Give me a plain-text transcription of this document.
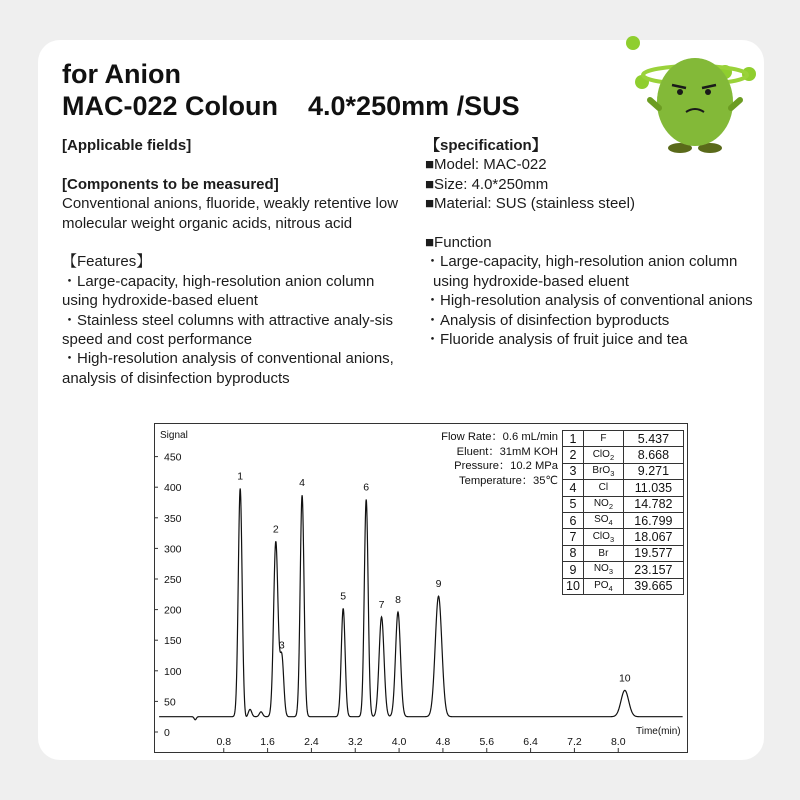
for Anion
MAC-022 Coloun    4.0*250mm /SUS

[Applicable fields]

[Components to be measured]

Conventional anions, fluoride, weakly retentive low molecular weight organic acids, nitrous acid

【Features】

・Large-capacity, high-resolution anion column using hydroxide-based eluent

・Stainless steel columns with attractive analy-sis speed and cost performance

・High-resolution analysis of conventional anions, analysis of disinfection byproducts

【specification】

■Model: MAC-022

■Size: 4.0*250mm

■Material: SUS (stainless steel)

■Function

・Large-capacity, high-resolution anion column

using hydroxide-based eluent

・High-resolution analysis of conventional anions

・Analysis of disinfection byproducts

・Fluoride analysis of fruit juice and tea

Signal
Time(min)
0
50
100
150
200
250
300
350
400
450
0.8	1.6	2.4	3.2	4.0	4.8	5.6	6.4	7.2	8.0
1
2
3
4
5
6
7 8
9
10
Flow Rate：0.6 mL/min
Eluent：31mM KOH
Pressure：10.2 MPa
Temperature：35℃
1	F	5.437
2	ClO$_2$	8.668
3	BrO$_3$	9.271
4	Cl	11.035
5	$NO_2$	14.782
6	$SO_4$	16.799
7	ClO$_3$	18.067
8	Br	19.577
9	$NO_3$	23.157
10	$PO_4$	39.665
